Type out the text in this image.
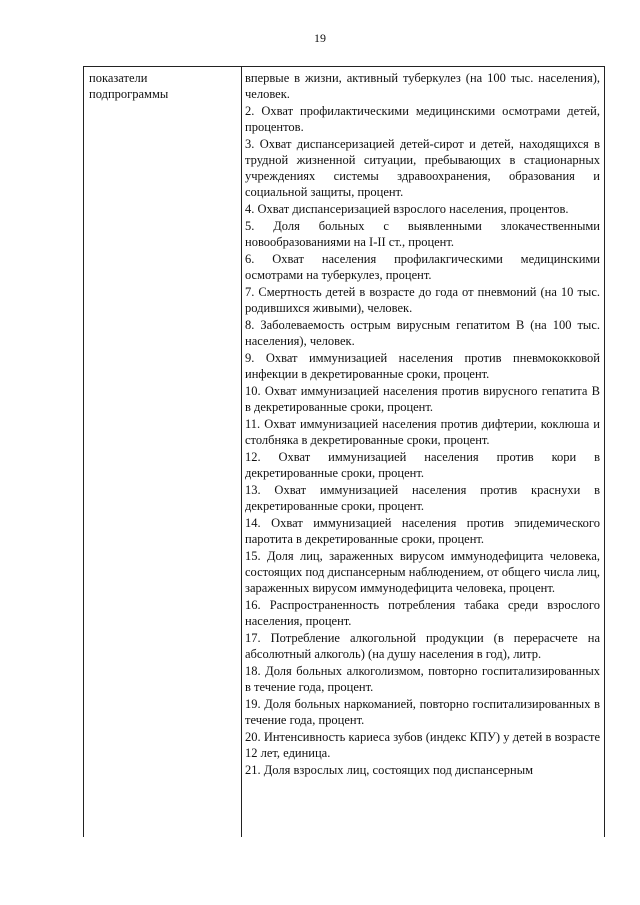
19
показатели
подпрограммы

впервые в жизни, активный туберкулез (на 100 тыс. населения), человек.

2. Охват профилактическими медицинскими осмотрами детей, процентов.

3. Охват диспансеризацией детей-сирот и детей, находящихся в трудной жизненной ситуации, пребывающих в стационарных учреждениях системы здравоохранения, образования и социальной защиты, процент.

4. Охват диспансеризацией взрослого населения, процентов.

5. Доля больных с выявленными злокачественными новообразованиями на I-II ст., процент.

6. Охват населения профилакгическими медицинскими осмотрами на туберкулез, процент.

7. Смертность детей в возрасте до года от пневмоний (на 10 тыс. родившихся живыми), человек.

8. Заболеваемость острым вирусным гепатитом В (на 100 тыс. населения), человек.

9. Охват иммунизацией населения против пневмококковой инфекции в декретированные сроки, процент.

10. Охват иммунизацией населения против вирусного гепатита В в декретированные сроки, процент.

11. Охват иммунизацией населения против дифтерии, коклюша и столбняка в декретированные сроки, процент.

12. Охват иммунизацией населения против кори в декретированные сроки, процент.

13. Охват иммунизацией населения против краснухи в декретированные сроки, процент.

14. Охват иммунизацией населения против эпидемического паротита в декретированные сроки, процент.

15. Доля лиц, зараженных вирусом иммунодефицита человека, состоящих под диспансерным наблюдением, от общего числа лиц, зараженных вирусом иммунодефицита человека, процент.

16. Распространенность потребления табака среди взрослого населения, процент.

17. Потребление алкогольной продукции (в перерасчете на абсолютный алкоголь) (на душу населения в год), литр.

18. Доля больных алкоголизмом, повторно госпитализированных в течение года, процент.

19. Доля больных наркоманией, повторно госпитализированных в течение года, процент.

20. Интенсивность кариеса зубов (индекс КПУ) у детей в возрасте 12 лет, единица.

21. Доля взрослых лиц, состоящих под диспансерным
